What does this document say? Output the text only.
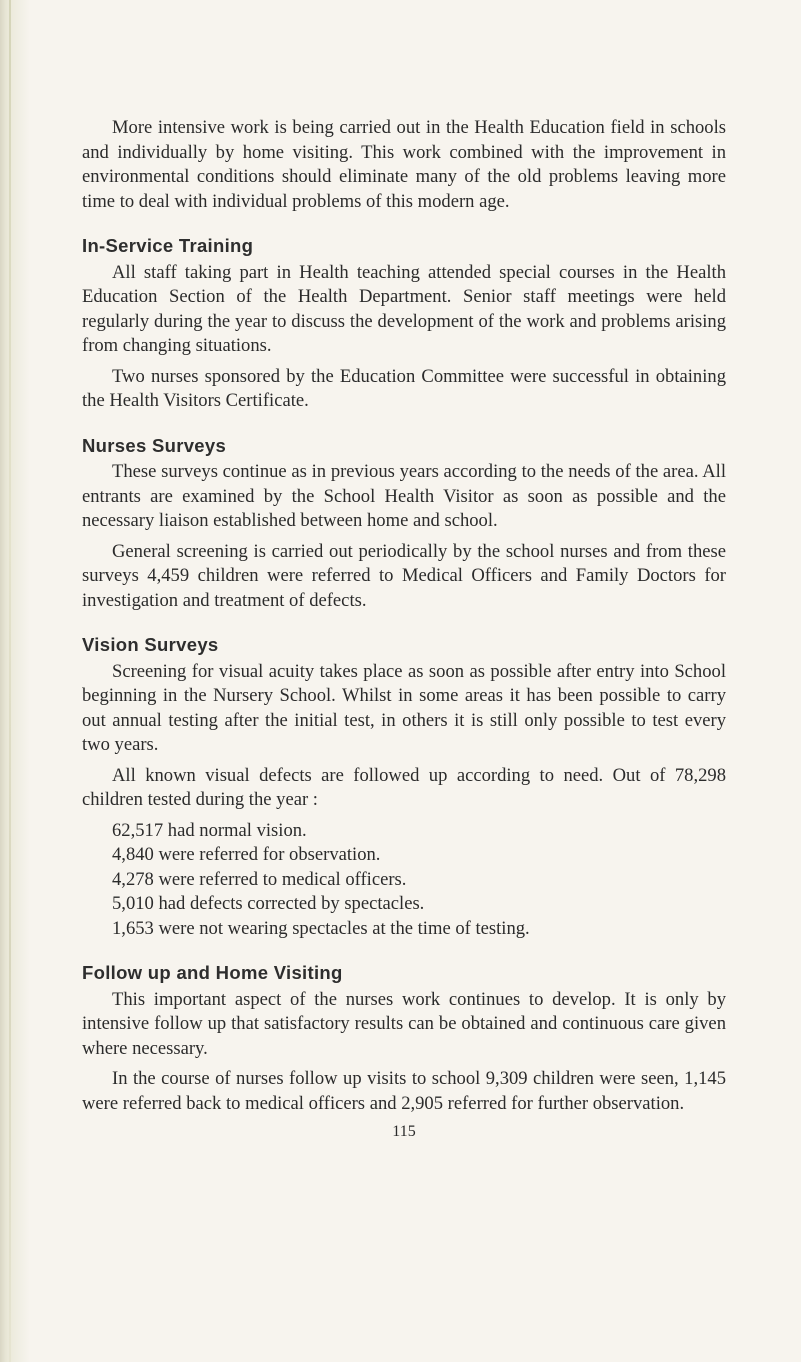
More intensive work is being carried out in the Health Education field in schools and individually by home visiting. This work combined with the improvement in environmental conditions should eliminate many of the old problems leaving more time to deal with individual problems of this modern age.

In-Service Training

All staff taking part in Health teaching attended special courses in the Health Education Section of the Health Department. Senior staff meetings were held regularly during the year to discuss the development of the work and problems arising from changing situations.

Two nurses sponsored by the Education Committee were successful in obtaining the Health Visitors Certificate.

Nurses Surveys

These surveys continue as in previous years according to the needs of the area. All entrants are examined by the School Health Visitor as soon as possible and the necessary liaison established between home and school.

General screening is carried out periodically by the school nurses and from these surveys 4,459 children were referred to Medical Officers and Family Doctors for investigation and treatment of defects.

Vision Surveys

Screening for visual acuity takes place as soon as possible after entry into School beginning in the Nursery School. Whilst in some areas it has been possible to carry out annual testing after the initial test, in others it is still only possible to test every two years.

All known visual defects are followed up according to need. Out of 78,298 children tested during the year :

62,517 had normal vision.
4,840 were referred for observation.
4,278 were referred to medical officers.
5,010 had defects corrected by spectacles.
1,653 were not wearing spectacles at the time of testing.
Follow up and Home Visiting

This important aspect of the nurses work continues to develop. It is only by intensive follow up that satisfactory results can be obtained and continuous care given where necessary.

In the course of nurses follow up visits to school 9,309 children were seen, 1,145 were referred back to medical officers and 2,905 referred for further observation.

115
